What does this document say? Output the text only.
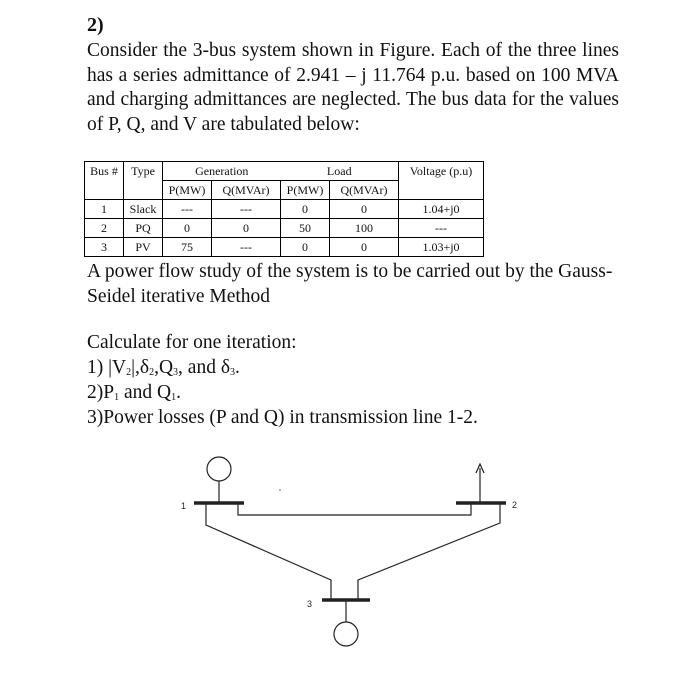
2)
Consider the 3-bus system shown in Figure. Each of the three lines has a series admittance of 2.941 – j 11.764 p.u. based on 100 MVA and charging admittances are neglected. The bus data for the values of P, Q, and V are tabulated below:
Bus #	Type	Generation		Load		Voltage (p.u)
		P(MW)	Q(MVAr)	P(MW)	Q(MVAr)	
1	Slack	---	---	0	0	1.04+j0
2	PQ	0	0	50	100	---
3	PV	75	---	0	0	1.03+j0
A power flow study of the system is to be carried out by the Gauss-Seidel iterative Method
Calculate for one iteration:
1) $|V_2|,\delta_2,Q_3$, and $\delta_3$.
$2)P_1$ and $Q_1$.
3)Power losses (P and Q) in transmission line 1-2.
1	2
3
